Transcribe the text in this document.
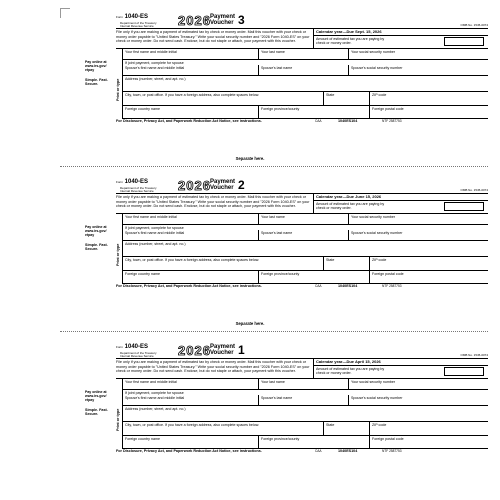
Form 1040-ES
Department of the Treasury
Internal Revenue Service	2026 Payment
Voucher 3	OMB No. 1545-0074
File only if you are making a payment of estimated tax by check or money order. Mail this voucher with your check or money order payable to "United States Treasury." Write your social security number and "2026 Form 1040-ES" on your check or money order. Do not send cash. Enclose, but do not staple or attach, your payment with this voucher.
Calendar year—Due Sept. 15, 2026
Amount of estimated tax you are paying by check or money order.
Pay online at www.irs.gov/ etpay
Simple. Fast. Secure.	Print or type
Your first name and middle initial	Your last name	Your social security number
If joint payment, complete for spouse
Spouse's first name and middle initial	Spouse's last name	Spouse's social security number
Address (number, street, and apt. no.)
City, town, or post office. If you have a foreign address, also complete spaces below.	State	ZIP code
Foreign country name	Foreign province/county	Foreign postal code
For Disclosure, Privacy Act, and Paperwork Reduction Act Notice, see instructions.	CAA	1040ES104	NTF 2587753
Separate here.
Form 1040-ES
Department of the Treasury
Internal Revenue Service	2026 Payment
Voucher 2	OMB No. 1545-0074
File only if you are making a payment of estimated tax by check or money order. Mail this voucher with your check or money order payable to "United States Treasury." Write your social security number and "2026 Form 1040-ES" on your check or money order. Do not send cash. Enclose, but do not staple or attach, your payment with this voucher.
Calendar year—Due June 15, 2026
Amount of estimated tax you are paying by check or money order.
Pay online at www.irs.gov/ etpay
Simple. Fast. Secure.	Print or type
Your first name and middle initial	Your last name	Your social security number
If joint payment, complete for spouse
Spouse's first name and middle initial	Spouse's last name	Spouse's social security number
Address (number, street, and apt. no.)
City, town, or post office. If you have a foreign address, also complete spaces below.	State	ZIP code
Foreign country name	Foreign province/county	Foreign postal code
For Disclosure, Privacy Act, and Paperwork Reduction Act Notice, see instructions.	CAA	1040ES104	NTF 2587753
Separate here.
Form 1040-ES
Department of the Treasury
Internal Revenue Service	2026 Payment
Voucher 1	OMB No. 1545-0074
File only if you are making a payment of estimated tax by check or money order. Mail this voucher with your check or money order payable to "United States Treasury." Write your social security number and "2026 Form 1040-ES" on your check or money order. Do not send cash. Enclose, but do not staple or attach, your payment with this voucher.
Calendar year—Due April 15, 2026
Amount of estimated tax you are paying by check or money order.
Pay online at www.irs.gov/ etpay
Simple. Fast. Secure.	Print or type
Your first name and middle initial	Your last name	Your social security number
If joint payment, complete for spouse
Spouse's first name and middle initial	Spouse's last name	Spouse's social security number
Address (number, street, and apt. no.)
City, town, or post office. If you have a foreign address, also complete spaces below.	State	ZIP code
Foreign country name	Foreign province/county	Foreign postal code
For Disclosure, Privacy Act, and Paperwork Reduction Act Notice, see instructions.	CAA	1040ES104	NTF 2587753
